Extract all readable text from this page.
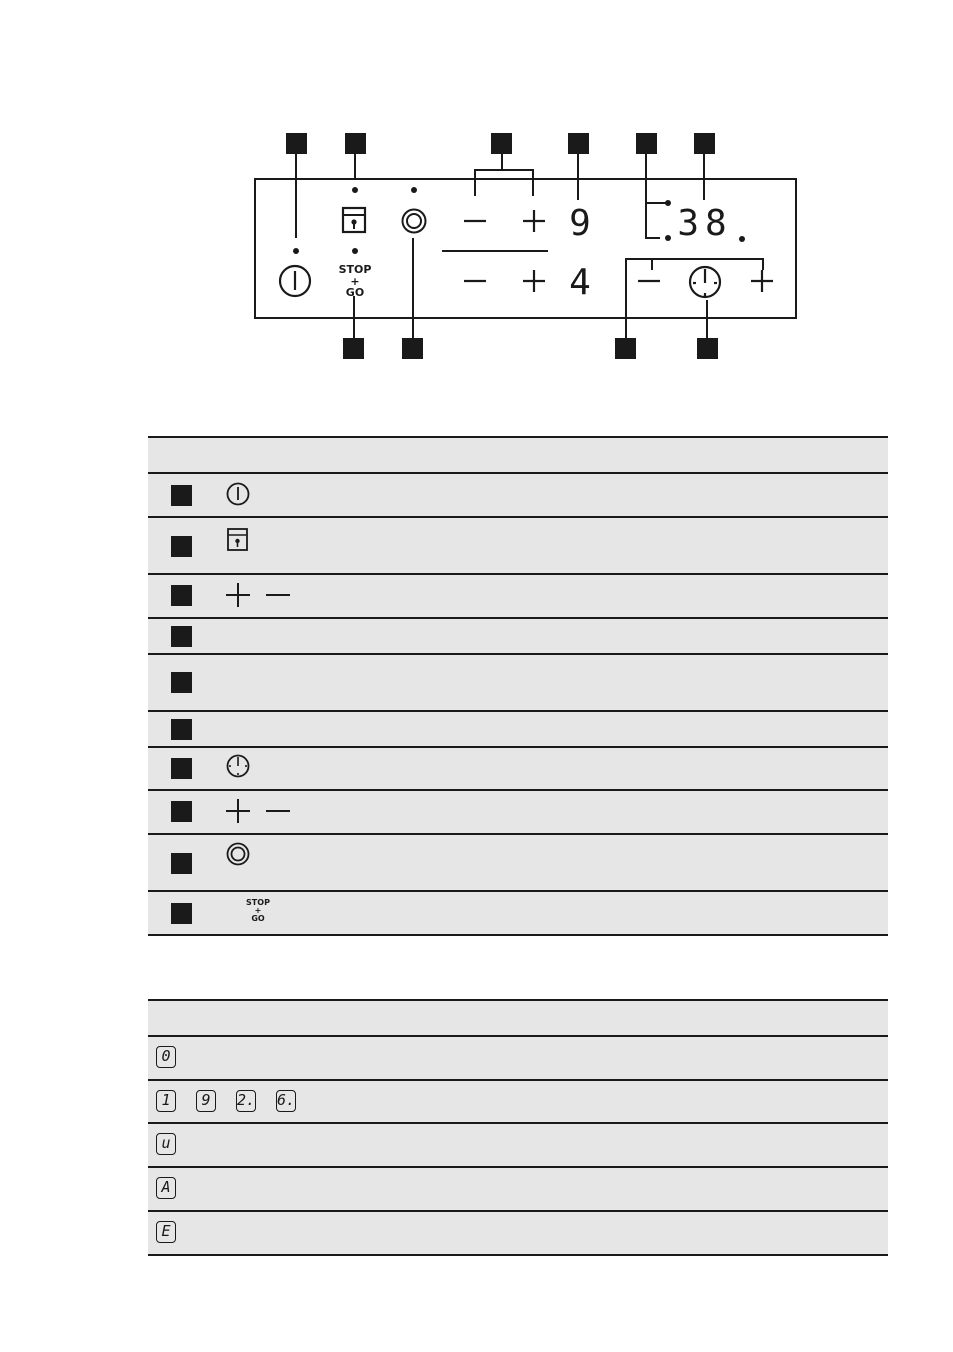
STOP
+
GO
9
4
38
STOP
+
GO
0
1 9 2. 6.
u
A
E
